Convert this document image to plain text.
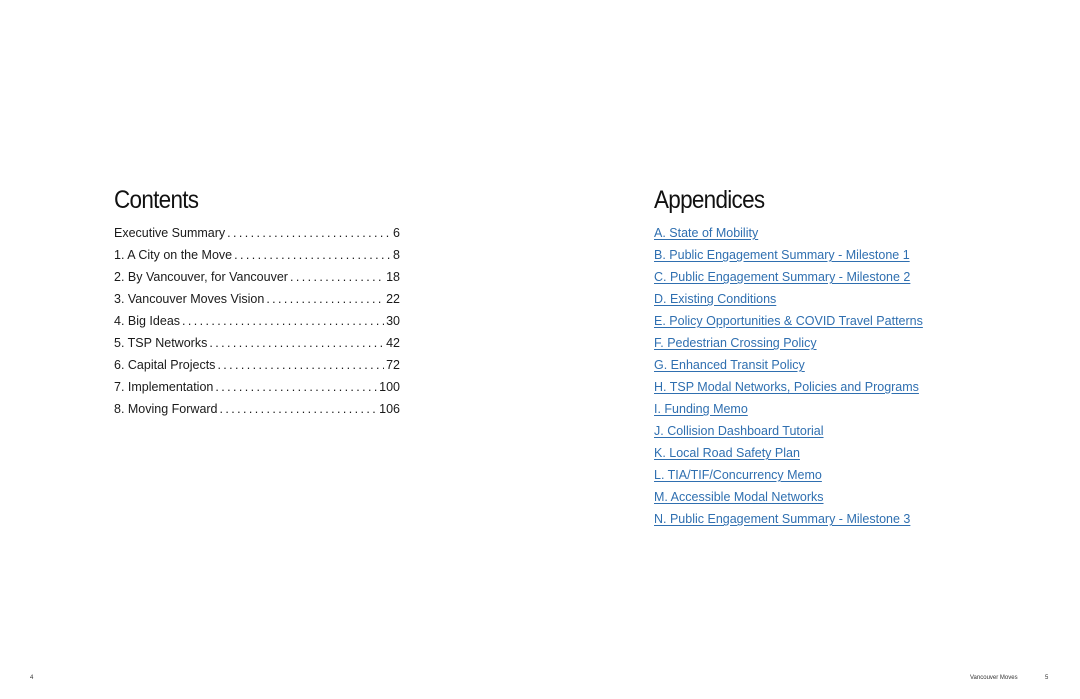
Contents
Executive Summary .....	6
1. A City on the Move .....	8
2. By Vancouver, for Vancouver .....	18
3. Vancouver Moves Vision .....	22
4. Big Ideas .....	30
5. TSP Networks .....	42
6. Capital Projects .....	72
7. Implementation .....	100
8. Moving Forward .....	106
Appendices
A. State of Mobility
B. Public Engagement Summary - Milestone 1
C. Public Engagement Summary - Milestone 2
D. Existing Conditions
E. Policy Opportunities & COVID Travel Patterns
F. Pedestrian Crossing Policy
G. Enhanced Transit Policy
H. TSP Modal Networks, Policies and Programs
I. Funding Memo
J. Collision Dashboard Tutorial
K. Local Road Safety Plan
L. TIA/TIF/Concurrency Memo
M. Accessible Modal Networks
N. Public Engagement Summary - Milestone 3
4	Vancouver Moves	5
